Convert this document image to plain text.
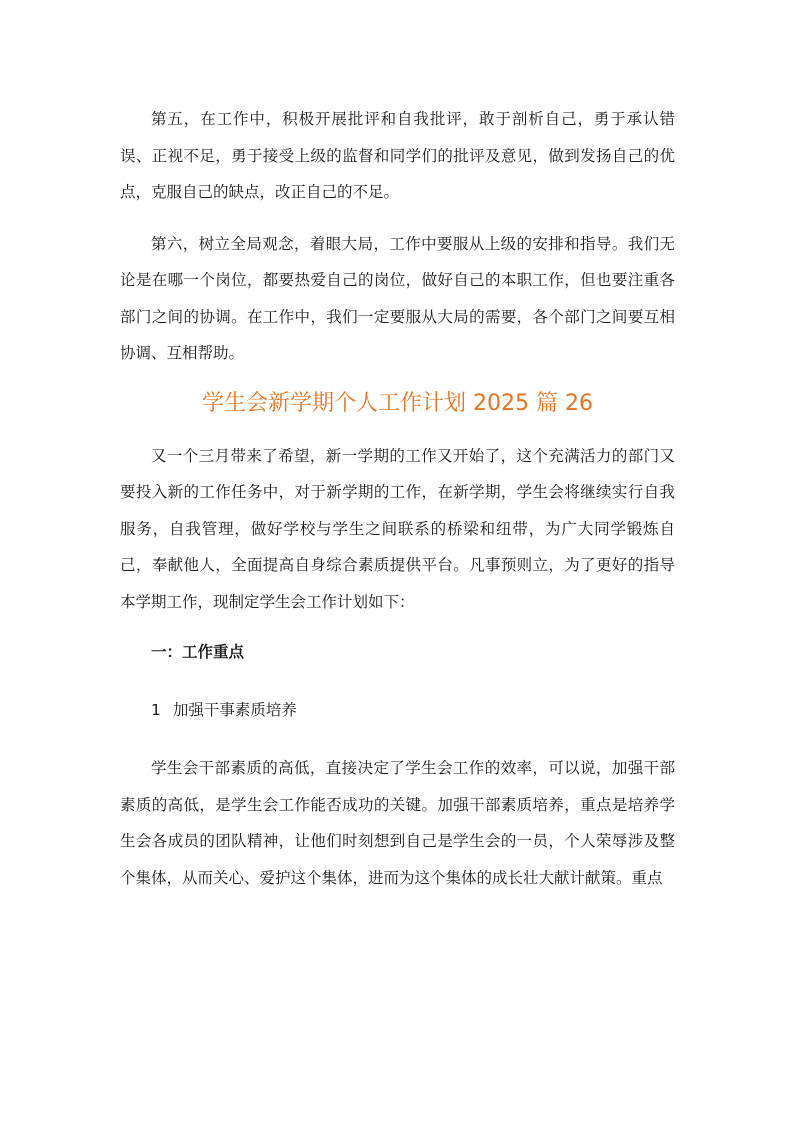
第五，在工作中，积极开展批评和自我批评，敢于剖析自己，勇于承认错误、正视不足，勇于接受上级的监督和同学们的批评及意见，做到发扬自己的优点，克服自己的缺点，改正自己的不足。

第六，树立全局观念，着眼大局，工作中要服从上级的安排和指导。我们无论是在哪一个岗位，都要热爱自己的岗位，做好自己的本职工作，但也要注重各部门之间的协调。在工作中，我们一定要服从大局的需要，各个部门之间要互相协调、互相帮助。

学生会新学期个人工作计划 2025 篇 26

又一个三月带来了希望，新一学期的工作又开始了，这个充满活力的部门又要投入新的工作任务中，对于新学期的工作，在新学期，学生会将继续实行自我服务，自我管理，做好学校与学生之间联系的桥梁和纽带，为广大同学锻炼自己，奉献他人，全面提高自身综合素质提供平台。凡事预则立，为了更好的指导本学期工作，现制定学生会工作计划如下：

一：工作重点
1 加强干事素质培养

学生会干部素质的高低，直接决定了学生会工作的效率，可以说，加强干部素质的高低，是学生会工作能否成功的关键。加强干部素质培养，重点是培养学生会各成员的团队精神，让他们时刻想到自己是学生会的一员，个人荣辱涉及整个集体，从而关心、爱护这个集体，进而为这个集体的成长壮大献计献策。重点
